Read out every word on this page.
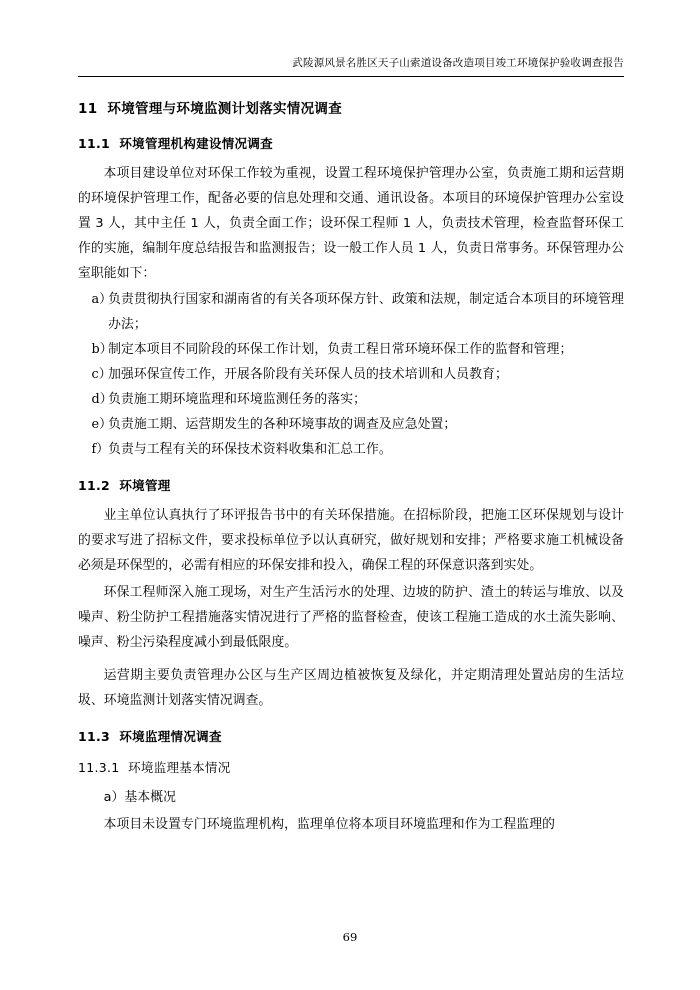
武陵源风景名胜区天子山索道设备改造项目竣工环境保护验收调查报告
11 环境管理与环境监测计划落实情况调查
11.1 环境管理机构建设情况调查

本项目建设单位对环保工作较为重视，设置工程环境保护管理办公室，负责施工期和运营期的环境保护管理工作，配备必要的信息处理和交通、通讯设备。本项目的环境保护管理办公室设置 3 人，其中主任 1 人，负责全面工作；设环保工程师 1 人，负责技术管理，检查监督环保工作的实施，编制年度总结报告和监测报告；设一般工作人员 1 人，负责日常事务。环保管理办公室职能如下：

a）
负责贯彻执行国家和湖南省的有关各项环保方针、政策和法规，制定适合本项目的环境管理办法；
b）
制定本项目不同阶段的环保工作计划，负责工程日常环境环保工作的监督和管理；
c）
加强环保宣传工作，开展各阶段有关环保人员的技术培训和人员教育；
d）
负责施工期环境监理和环境监测任务的落实；
e）
负责施工期、运营期发生的各种环境事故的调查及应急处置；
f）
负责与工程有关的环保技术资料收集和汇总工作。
11.2 环境管理

业主单位认真执行了环评报告书中的有关环保措施。在招标阶段，把施工区环保规划与设计的要求写进了招标文件，要求投标单位予以认真研究，做好规划和安排；严格要求施工机械设备必须是环保型的，必需有相应的环保安排和投入，确保工程的环保意识落到实处。

环保工程师深入施工现场，对生产生活污水的处理、边坡的防护、渣土的转运与堆放、以及噪声、粉尘防护工程措施落实情况进行了严格的监督检查，使该工程施工造成的水土流失影响、噪声、粉尘污染程度减小到最低限度。

运营期主要负责管理办公区与生产区周边植被恢复及绿化，并定期清理处置站房的生活垃圾、环境监测计划落实情况调查。

11.3 环境监理情况调查
11.3.1 环境监理基本情况

a）基本概况

本项目未设置专门环境监理机构，监理单位将本项目环境监理和作为工程监理的

69
